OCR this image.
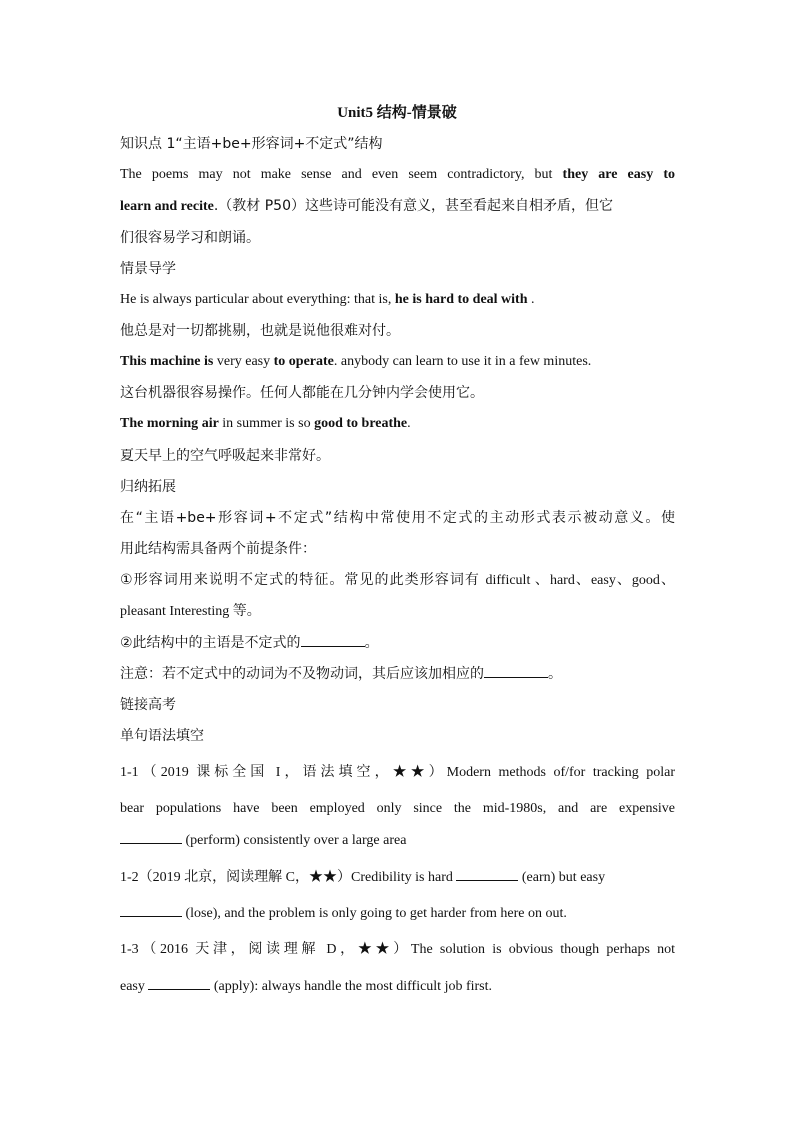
Unit5 结构-情景破
知识点 1“主语+be+形容词+不定式”结构
The poems may not make sense and even seem contradictory, but they are easy to
learn and recite.（教材 P50）这些诗可能没有意义，甚至看起来自相矛盾，但它
们很容易学习和朗诵。
情景导学
He is always particular about everything: that is, he is hard to deal with .
他总是对一切都挑剔，也就是说他很难对付。
This machine is very easy to operate. anybody can learn to use it in a few minutes.
这台机器很容易操作。任何人都能在几分钟内学会使用它。
The morning air in summer is so good to breathe.
夏天早上的空气呼吸起来非常好。
归纳拓展
在“主语+be+形容词+不定式”结构中常使用不定式的主动形式表示被动意义。使
用此结构需具备两个前提条件：
①形容词用来说明不定式的特征。常见的此类形容词有 difficult 、hard、easy、good、
pleasant Interesting 等。
②此结构中的主语是不定式的	。
注意：若不定式中的动词为不及物动词，其后应该加相应的	。
链接高考
单句语法填空
1-1（2019 课标全国 I，语法填空，★★）Modern methods of/for tracking polar
bear populations have been employed only since the mid-1980s, and are expensive
(perform) consistently over a large area
1-2（2019 北京，阅读理解 C，★★）Credibility is hard	(earn) but easy
(lose), and the problem is only going to get harder from here on out.
1-3（2016 天津，阅读理解 D，★★）The solution is obvious though perhaps not
easy	(apply): always handle the most difficult job first.
